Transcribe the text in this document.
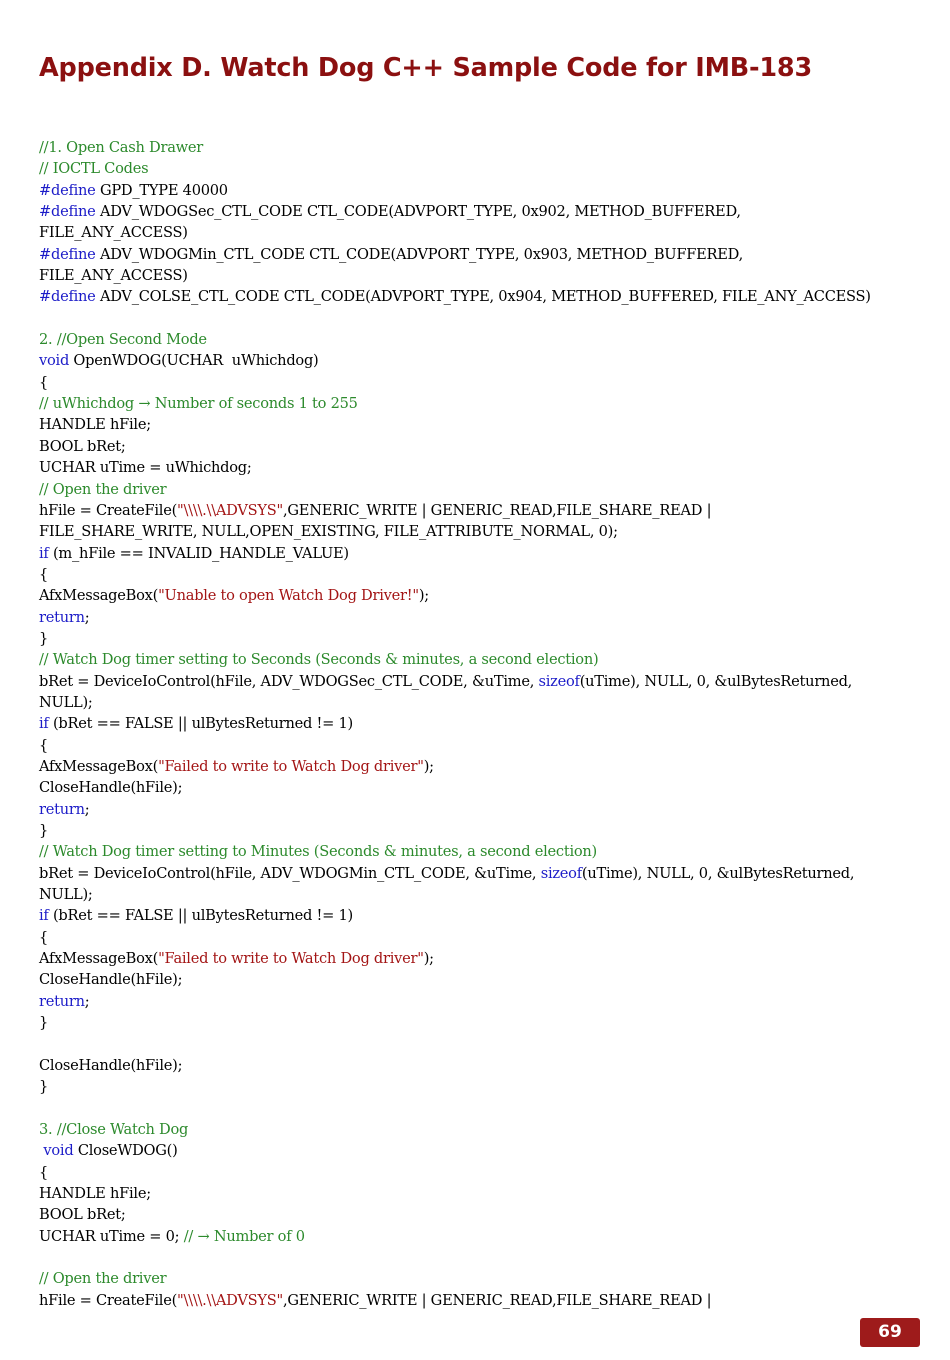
Appendix D. Watch Dog C++ Sample Code for IMB-183
//1. Open Cash Drawer
// IOCTL Codes
#define GPD_TYPE 40000
#define ADV_WDOGSec_CTL_CODE CTL_CODE(ADVPORT_TYPE, 0x902, METHOD_BUFFERED,
FILE_ANY_ACCESS)
#define ADV_WDOGMin_CTL_CODE CTL_CODE(ADVPORT_TYPE, 0x903, METHOD_BUFFERED,
FILE_ANY_ACCESS)
#define ADV_COLSE_CTL_CODE CTL_CODE(ADVPORT_TYPE, 0x904, METHOD_BUFFERED, FILE_ANY_ACCESS)
2. //Open Second Mode
void OpenWDOG(UCHAR  uWhichdog)
{
// uWhichdog → Number of seconds 1 to 255
HANDLE hFile;
BOOL bRet;
UCHAR uTime = uWhichdog;
// Open the driver
hFile = CreateFile("\\\\.\\ADVSYS",GENERIC_WRITE | GENERIC_READ,FILE_SHARE_READ |
FILE_SHARE_WRITE, NULL,OPEN_EXISTING, FILE_ATTRIBUTE_NORMAL, 0);
if (m_hFile == INVALID_HANDLE_VALUE)
{
AfxMessageBox("Unable to open Watch Dog Driver!");
return;
}
// Watch Dog timer setting to Seconds (Seconds & minutes, a second election)
bRet = DeviceIoControl(hFile, ADV_WDOGSec_CTL_CODE, &uTime, sizeof(uTime), NULL, 0, &ulBytesReturned,
NULL);
if (bRet == FALSE || ulBytesReturned != 1)
{
AfxMessageBox("Failed to write to Watch Dog driver");
CloseHandle(hFile);
return;
}
// Watch Dog timer setting to Minutes (Seconds & minutes, a second election)
bRet = DeviceIoControl(hFile, ADV_WDOGMin_CTL_CODE, &uTime, sizeof(uTime), NULL, 0, &ulBytesReturned,
NULL);
if (bRet == FALSE || ulBytesReturned != 1)
{
AfxMessageBox("Failed to write to Watch Dog driver");
CloseHandle(hFile);
return;
}
CloseHandle(hFile);
}
3. //Close Watch Dog
void CloseWDOG()
{
HANDLE hFile;
BOOL bRet;
UCHAR uTime = 0; // → Number of 0
// Open the driver
hFile = CreateFile("\\\\.\\ADVSYS",GENERIC_WRITE | GENERIC_READ,FILE_SHARE_READ |
69
